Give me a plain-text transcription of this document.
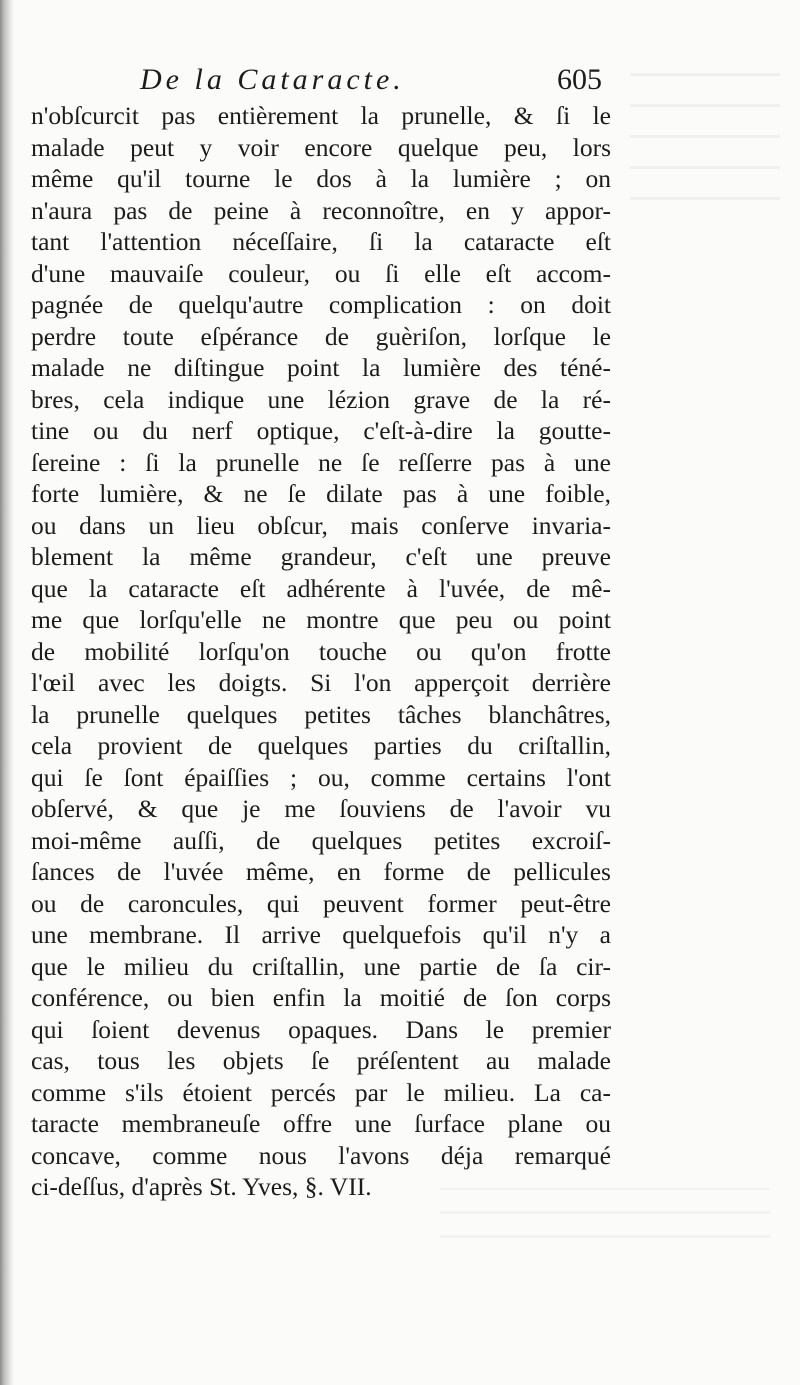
De la Cataracte.	605
n'obſcurcit pas entièrement la prunelle, & ſi le
malade peut y voir encore quelque peu, lors
même qu'il tourne le dos à la lumière ; on
n'aura pas de peine à reconnoître, en y appor-
tant l'attention néceſſaire, ſi la cataracte eſt
d'une mauvaiſe couleur, ou ſi elle eſt accom-
pagnée de quelqu'autre complication : on doit
perdre toute eſpérance de guèriſon, lorſque le
malade ne diſtingue point la lumière des téné-
bres, cela indique une lézion grave de la ré-
tine ou du nerf optique, c'eſt-à-dire la goutte-
ſereine : ſi la prunelle ne ſe reſſerre pas à une
forte lumière, & ne ſe dilate pas à une foible,
ou dans un lieu obſcur, mais conſerve invaria-
blement la même grandeur, c'eſt une preuve
que la cataracte eſt adhérente à l'uvée, de mê-
me que lorſqu'elle ne montre que peu ou point
de mobilité lorſqu'on touche ou qu'on frotte
l'œil avec les doigts. Si l'on apperçoit derrière
la prunelle quelques petites tâches blanchâtres,
cela provient de quelques parties du criſtallin,
qui ſe ſont épaiſſies ; ou, comme certains l'ont
obſervé, & que je me ſouviens de l'avoir vu
moi-même auſſi, de quelques petites excroiſ-
ſances de l'uvée même, en forme de pellicules
ou de caroncules, qui peuvent former peut-être
une membrane. Il arrive quelquefois qu'il n'y a
que le milieu du criſtallin, une partie de ſa cir-
conférence, ou bien enfin la moitié de ſon corps
qui ſoient devenus opaques. Dans le premier
cas, tous les objets ſe préſentent au malade
comme s'ils étoient percés par le milieu. La ca-
taracte membraneuſe offre une ſurface plane ou
concave, comme nous l'avons déja remarqué
ci-deſſus, d'après St. Yves, §. VII.
